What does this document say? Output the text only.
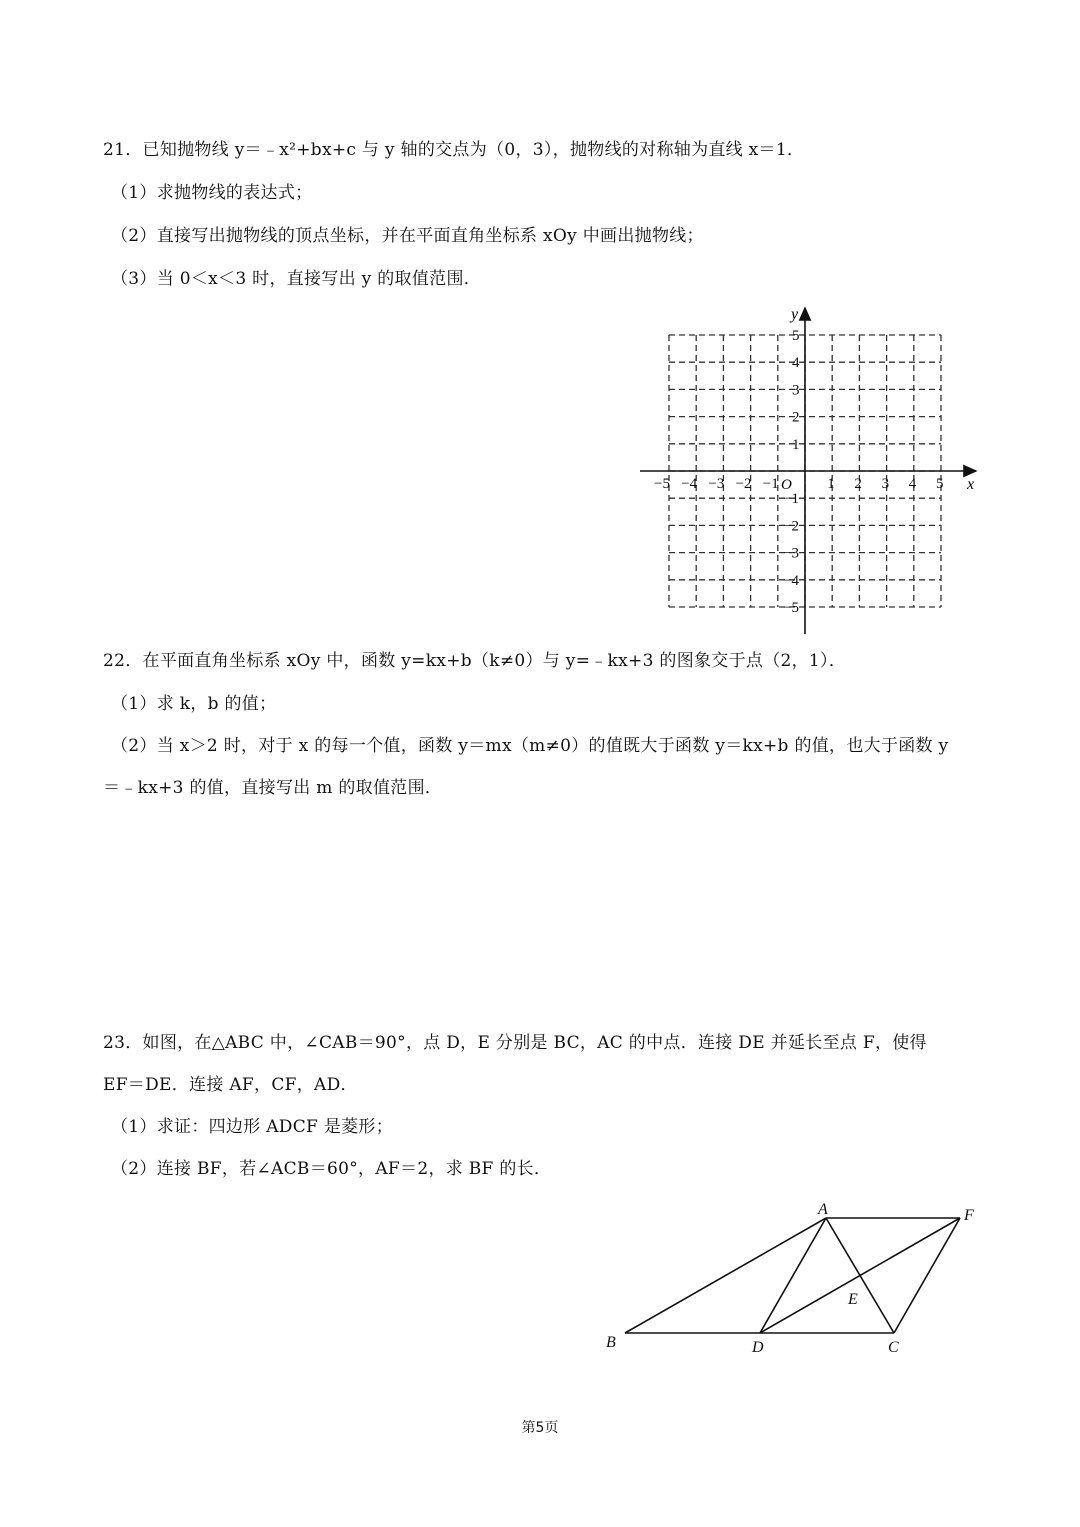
21．已知抛物线 y＝﹣x²+bx+c 与 y 轴的交点为（0，3），抛物线的对称轴为直线 x＝1．
（1）求抛物线的表达式；
（2）直接写出抛物线的顶点坐标，并在平面直角坐标系 xOy 中画出抛物线；
（3）当 0＜x＜3 时，直接写出 y 的取值范围．
−5 −4 −3 −2 −1	1 2 3 4 5
5
4
3
2
1
−1
−2
−3
−4
−5
x
y
O
22．在平面直角坐标系 xOy 中，函数 y=kx+b（k≠0）与 y=﹣kx+3 的图象交于点（2，1）．
（1）求 k，b 的值；
（2）当 x＞2 时，对于 x 的每一个值，函数 y＝mx（m≠0）的值既大于函数 y＝kx+b 的值，也大于函数 y
＝﹣kx+3 的值，直接写出 m 的取值范围．
23．如图，在△ABC 中，∠CAB＝90°，点 D，E 分别是 BC，AC 的中点．连接 DE 并延长至点 F，使得
EF＝DE．连接 AF，CF，AD．
（1）求证：四边形 ADCF 是菱形；
（2）连接 BF，若∠ACB＝60°，AF＝2，求 BF 的长．
A	F
E
B	D	C
第5页
